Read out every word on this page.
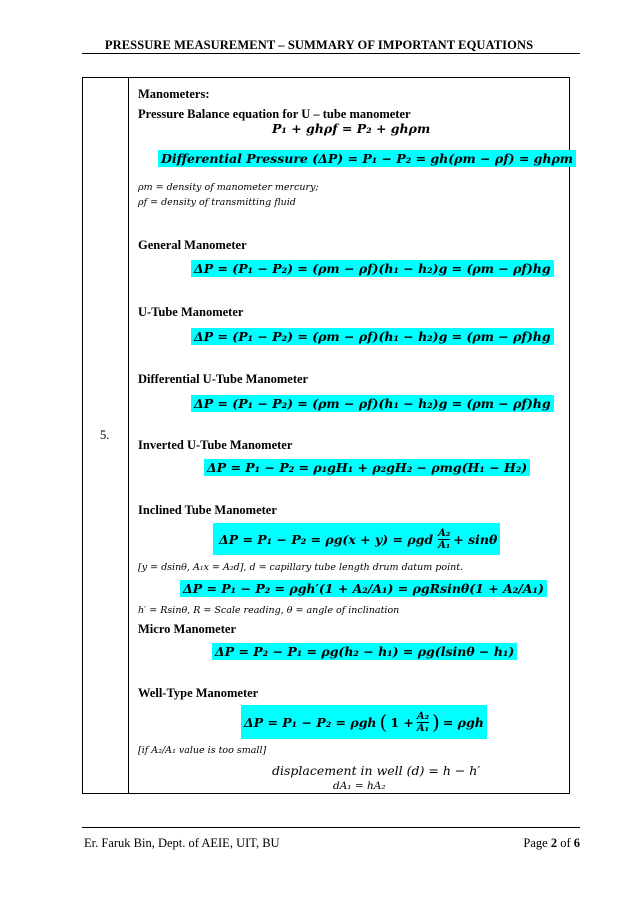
PRESSURE MEASUREMENT – SUMMARY OF IMPORTANT EQUATIONS
5.
Manometers:
Pressure Balance equation for U – tube manometer
P₁ + ghρf = P₂ + ghρm
Differential Pressure (ΔP) = P₁ − P₂ = gh(ρm − ρf) = ghρm
ρm = density of manometer mercury;
ρf = density of transmitting fluid
General Manometer
ΔP = (P₁ − P₂) = (ρm − ρf)(h₁ − h₂)g = (ρm − ρf)hg
U-Tube Manometer
ΔP = (P₁ − P₂) = (ρm − ρf)(h₁ − h₂)g = (ρm − ρf)hg
Differential U-Tube Manometer
ΔP = (P₁ − P₂) = (ρm − ρf)(h₁ − h₂)g = (ρm − ρf)hg
Inverted U-Tube Manometer
ΔP = P₁ − P₂ = ρ₁gH₁ + ρ₂gH₂ − ρmg(H₁ − H₂)
Inclined Tube Manometer
ΔP = P₁ − P₂ = ρg(x + y) = ρgd $\frac{\text{A₂}}{\text{A₁}} + \sin\theta$
[y = dsinθ, A₁x = A₂d], d = capillary tube length drum datum point.
ΔP = P₁ − P₂ = ρgh′(1 + A₂/A₁) = ρgRsinθ(1 + A₂/A₁)
h′ = Rsinθ, R = Scale reading, θ = angle of inclination
Micro Manometer
ΔP = P₂ − P₁ = ρg(h₂ − h₁) = ρg(lsinθ − h₁)
Well-Type Manometer
ΔP = P₁ − P₂ = ρgh ( $1 + \frac{\text{A₂}}{\text{A₁}}$ ) = ρgh
[if A₂/A₁ value is too small]
displacement in well (d) = h − h′
dA₁ = hA₂
Er. Faruk Bin, Dept. of AEIE, UIT, BU	Page 2 of 6
